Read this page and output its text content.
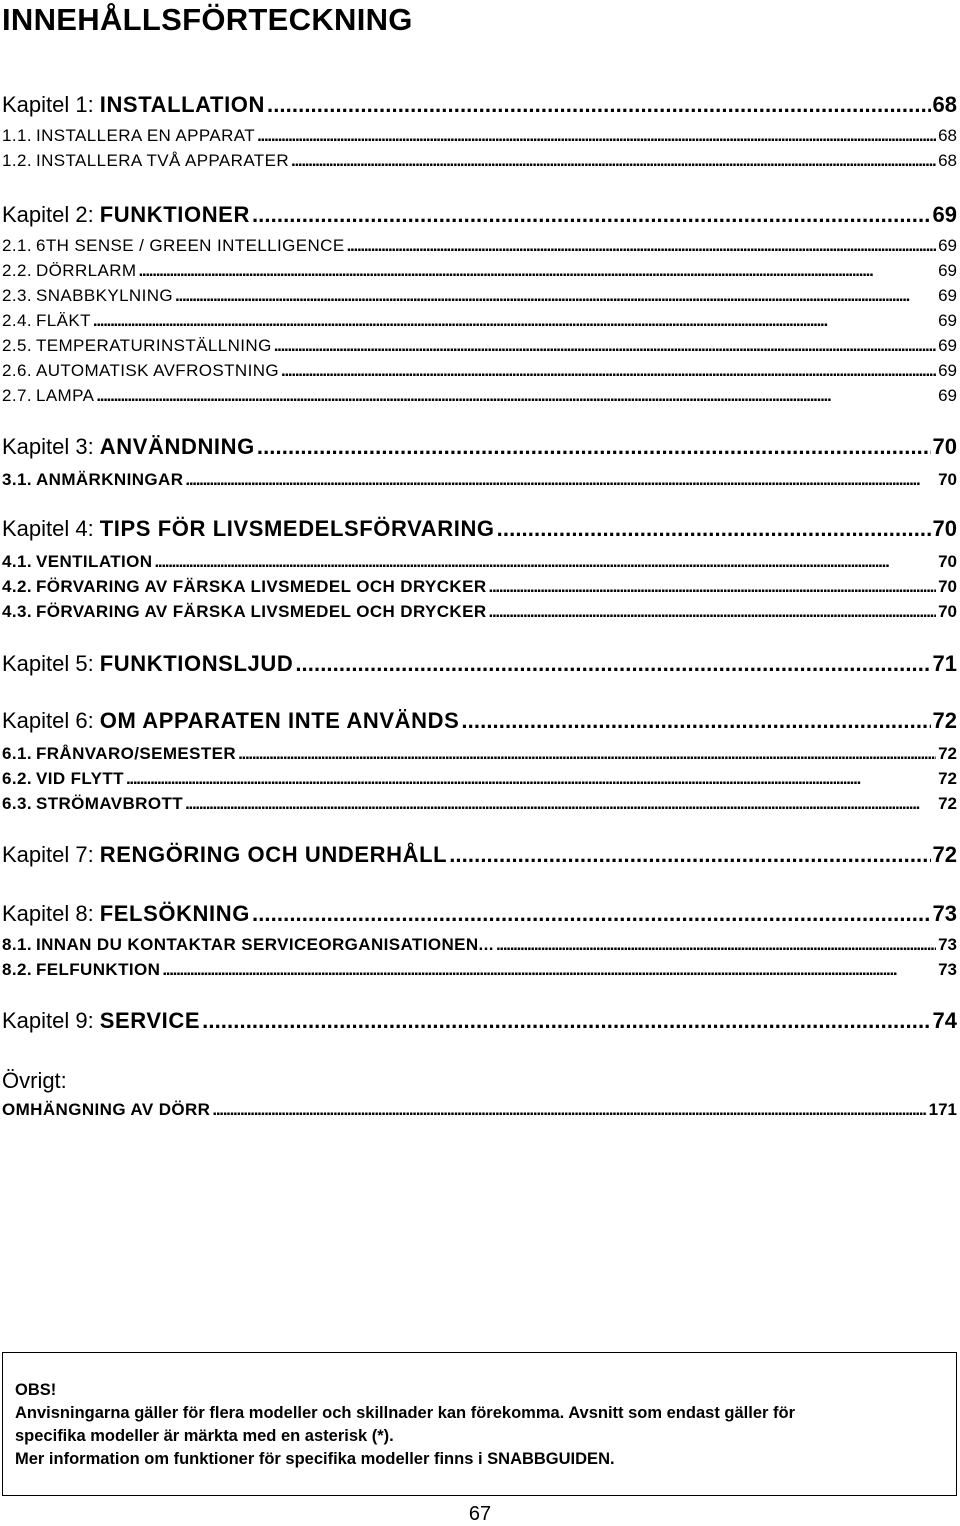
INNEHÅLLSFÖRTECKNING
Kapitel 1: INSTALLATION . . .	68
1.1. INSTALLERA EN APPARAT . . .	68
1.2. INSTALLERA TVÅ APPARATER . . .	68
Kapitel 2: FUNKTIONER . . .	69
2.1. 6TH SENSE / GREEN INTELLIGENCE . . .	69
2.2. DÖRRLARM . . .	69
2.3. SNABBKYLNING . . .	69
2.4. FLÄKT . . .	69
2.5. TEMPERATURINSTÄLLNING . . .	69
2.6. AUTOMATISK AVFROSTNING . . .	69
2.7. LAMPA . . .	69
Kapitel 3: ANVÄNDNING . . .	70
3.1. ANMÄRKNINGAR . . .	70
Kapitel 4: TIPS FÖR LIVSMEDELSFÖRVARING . . .	70
4.1. VENTILATION . . .	70
4.2. FÖRVARING AV FÄRSKA LIVSMEDEL OCH DRYCKER . . .	70
4.3. FÖRVARING AV FÄRSKA LIVSMEDEL OCH DRYCKER . . .	70
Kapitel 5: FUNKTIONSLJUD . . .	71
Kapitel 6: OM APPARATEN INTE ANVÄNDS . . .	72
6.1. FRÅNVARO/SEMESTER . . .	72
6.2. VID FLYTT . . .	72
6.3. STRÖMAVBROTT . . .	72
Kapitel 7: RENGÖRING OCH UNDERHÅLL . . .	72
Kapitel 8: FELSÖKNING . . .	73
8.1. INNAN DU KONTAKTAR SERVICEORGANISATIONEN... . . .	73
8.2. FELFUNKTION . . .	73
Kapitel 9: SERVICE . . .	74
OMHÄNGNING AV DÖRR . . .	171
Övrigt:
OBS!
Anvisningarna gäller för flera modeller och skillnader kan förekomma. Avsnitt som endast gäller för
specifika modeller är märkta med en asterisk (*).
Mer information om funktioner för specifika modeller finns i SNABBGUIDEN.
67
